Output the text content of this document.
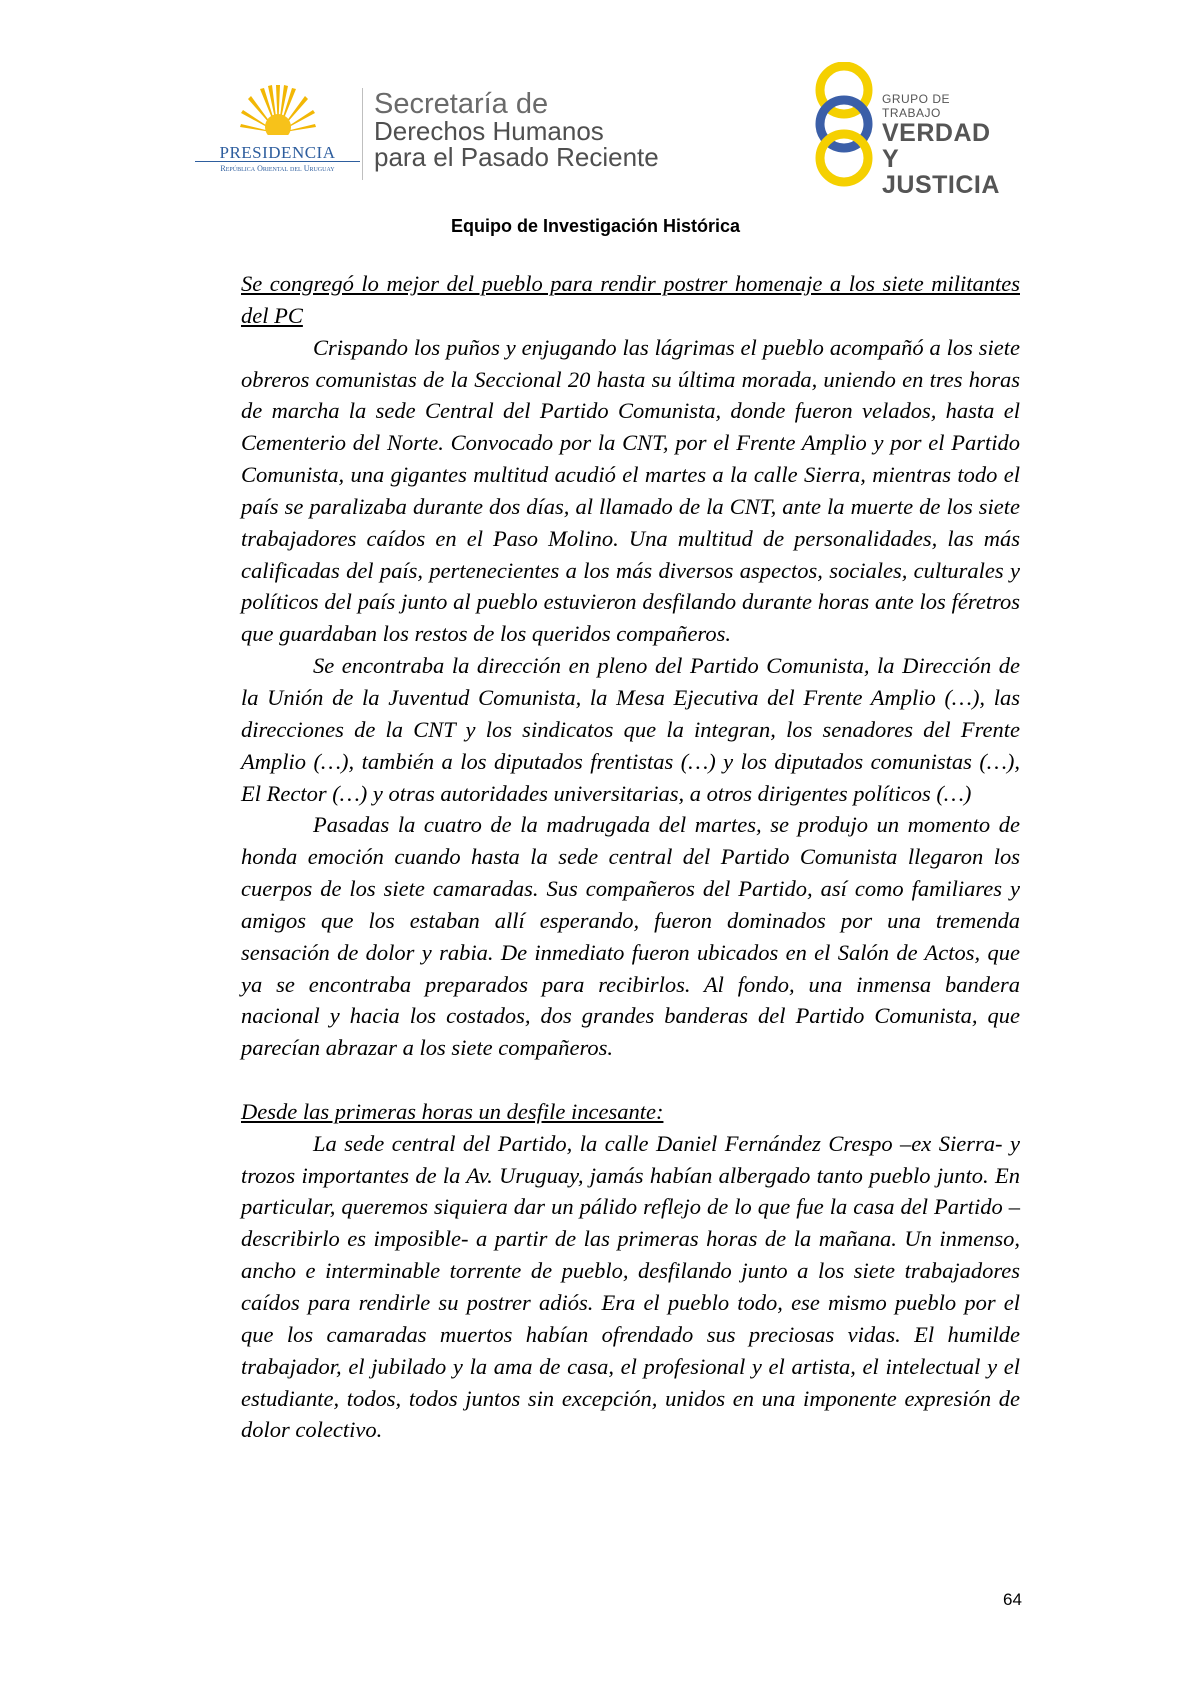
PRESIDENCIA
República Oriental del Uruguay
Secretaría de
Derechos Humanos
para el Pasado Reciente
GRUPO DE TRABAJO
VERDAD Y
JUSTICIA
Equipo de Investigación Histórica

Se congregó lo mejor del pueblo para rendir postrer homenaje a los siete militantes del PC

Crispando los puños y enjugando las lágrimas el pueblo acompañó a los siete obreros comunistas de la Seccional 20 hasta su última morada, uniendo en tres horas de marcha la sede Central del Partido Comunista, donde fueron velados, hasta el Cementerio del Norte. Convocado por la CNT, por el Frente Amplio y por el Partido Comunista, una gigantes multitud acudió el martes a la calle Sierra, mientras todo el país se paralizaba durante dos días, al llamado de la CNT, ante la muerte de los siete trabajadores caídos en el Paso Molino. Una multitud de personalidades, las más calificadas del país, pertenecientes a los más diversos aspectos, sociales, culturales y políticos del país junto al pueblo estuvieron desfilando durante horas ante los féretros que guardaban los restos de los queridos compañeros.

Se encontraba la dirección en pleno del Partido Comunista, la Dirección de la Unión de la Juventud Comunista, la Mesa Ejecutiva del Frente Amplio (…), las direcciones de la CNT y los sindicatos que la integran, los senadores del Frente Amplio (…), también a los diputados frentistas (…) y los diputados comunistas (…), El Rector (…) y otras autoridades universitarias, a otros dirigentes políticos (…)

Pasadas la cuatro de la madrugada del martes, se produjo un momento de honda emoción cuando hasta la sede central del Partido Comunista llegaron los cuerpos de los siete camaradas. Sus compañeros del Partido, así como familiares y amigos que los estaban allí esperando, fueron dominados por una tremenda sensación de dolor y rabia. De inmediato fueron ubicados en el Salón de Actos, que ya se encontraba preparados para recibirlos. Al fondo, una inmensa bandera nacional y hacia los costados, dos grandes banderas del Partido Comunista, que parecían abrazar a los siete compañeros.

Desde las primeras horas un desfile incesante:

La sede central del Partido, la calle Daniel Fernández Crespo –ex Sierra- y trozos importantes de la Av. Uruguay, jamás habían albergado tanto pueblo junto. En particular, queremos siquiera dar un pálido reflejo de lo que fue la casa del Partido –describirlo es imposible- a partir de las primeras horas de la mañana. Un inmenso, ancho e interminable torrente de pueblo, desfilando junto a los siete trabajadores caídos para rendirle su postrer adiós. Era el pueblo todo, ese mismo pueblo por el que los camaradas muertos habían ofrendado sus preciosas vidas. El humilde trabajador, el jubilado y la ama de casa, el profesional y el artista, el intelectual y el estudiante, todos, todos juntos sin excepción, unidos en una imponente expresión de dolor colectivo.

64
